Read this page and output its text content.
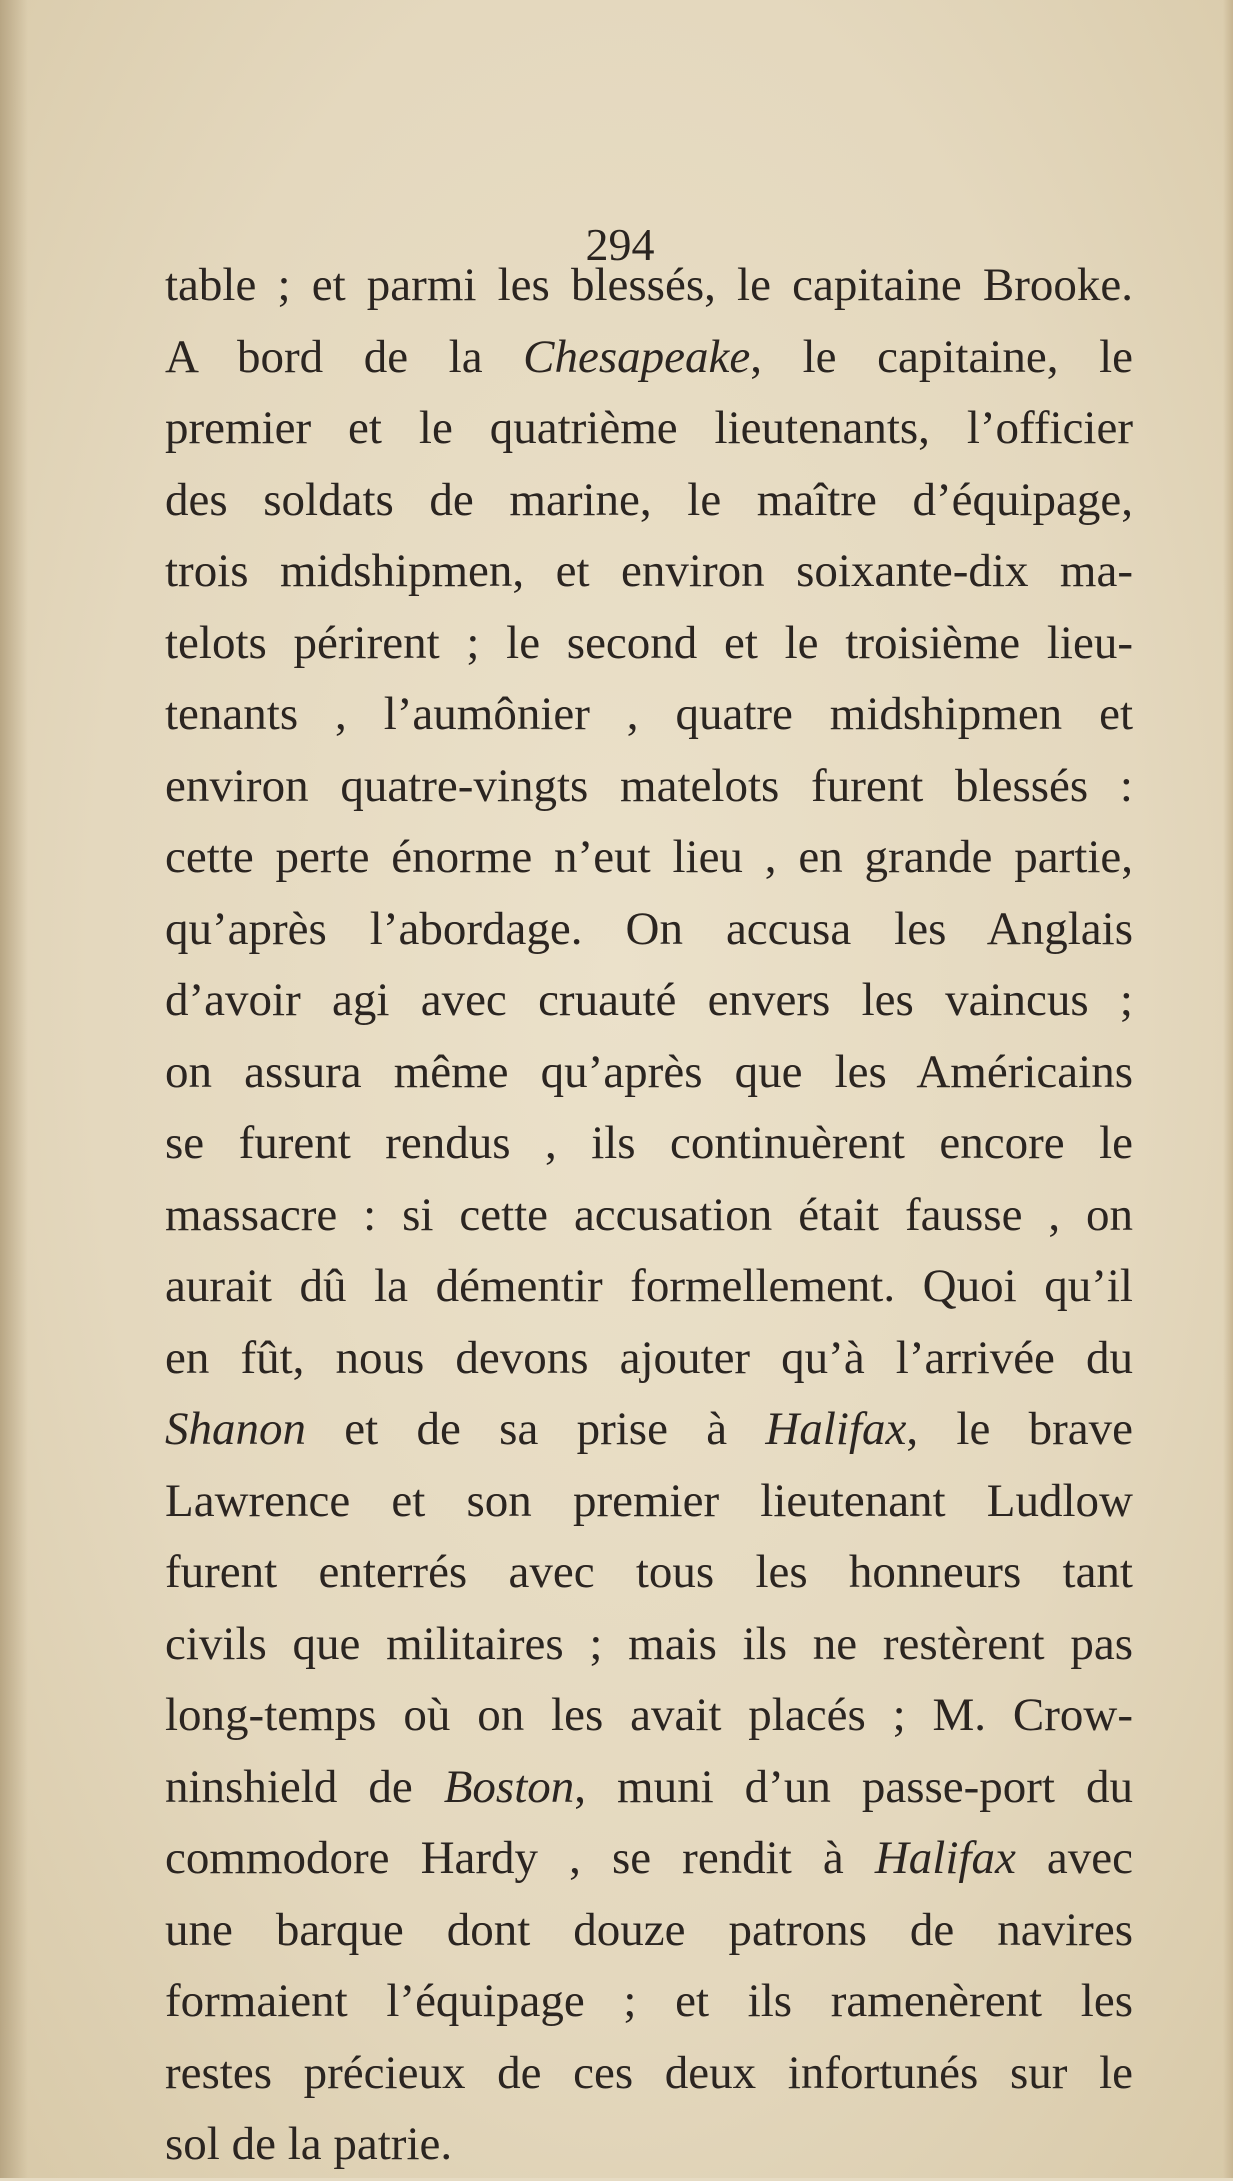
294
table ; et parmi les blessés, le capitaine Brooke.
A bord de la Chesapeake, le capitaine, le
premier et le quatrième lieutenants, l’officier
des soldats de marine, le maître d’équipage,
trois midshipmen, et environ soixante-dix ma-
telots périrent ; le second et le troisième lieu-
tenants , l’aumônier , quatre midshipmen et
environ quatre-vingts matelots furent blessés :
cette perte énorme n’eut lieu , en grande partie,
qu’après l’abordage. On accusa les Anglais
d’avoir agi avec cruauté envers les vaincus ;
on assura même qu’après que les Américains
se furent rendus , ils continuèrent encore le
massacre : si cette accusation était fausse , on
aurait dû la démentir formellement. Quoi qu’il
en fût, nous devons ajouter qu’à l’arrivée du
Shanon et de sa prise à Halifax, le brave
Lawrence et son premier lieutenant Ludlow
furent enterrés avec tous les honneurs tant
civils que militaires ; mais ils ne restèrent pas
long-temps où on les avait placés ; M. Crow-
ninshield de Boston, muni d’un passe-port du
commodore Hardy , se rendit à Halifax avec
une barque dont douze patrons de navires
formaient l’équipage ; et ils ramenèrent les
restes précieux de ces deux infortunés sur le
sol de la patrie.
